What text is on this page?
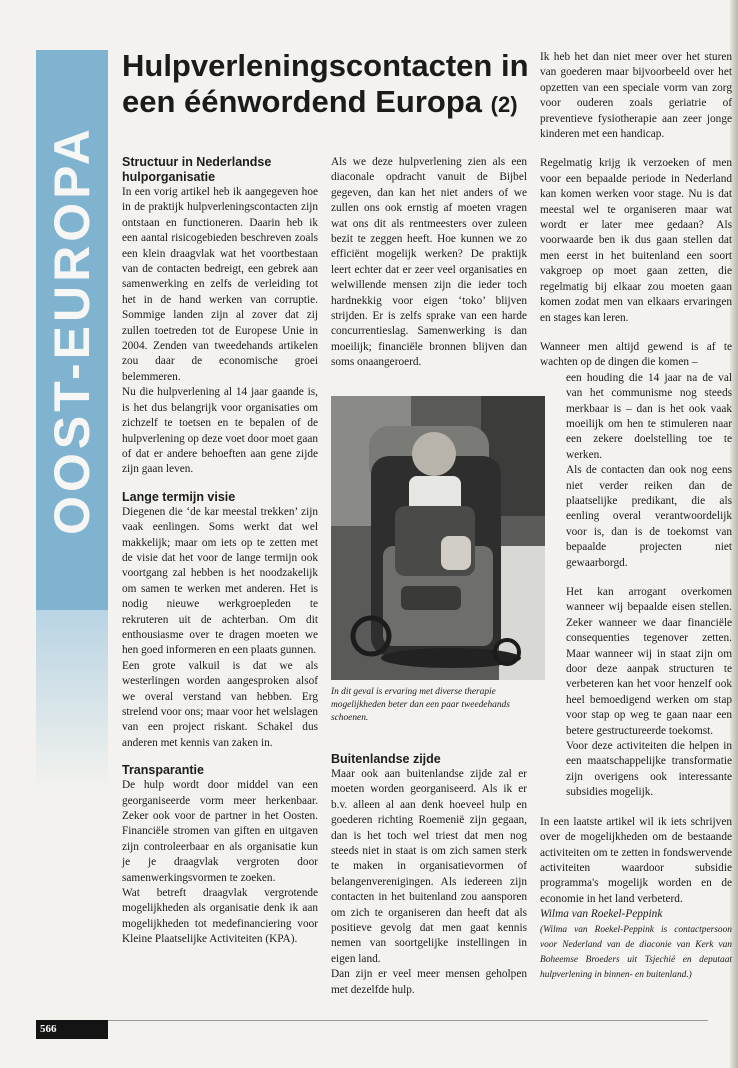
OOST-EUROPA
Hulpverleningscontacten in een éénwordend Europa (2)
Structuur in Nederlandse hulporganisatie

In een vorig artikel heb ik aangegeven hoe in de praktijk hulpverleningscontacten zijn ontstaan en functioneren. Daarin heb ik een aantal risicogebieden beschreven zoals een klein draagvlak wat het voortbestaan van de contacten bedreigt, een gebrek aan samenwerking en zelfs de verleiding tot het in de hand werken van corruptie. Sommige landen zijn al zover dat zij zullen toetreden tot de Europese Unie in 2004. Zenden van tweedehands artikelen zou daar de economische groei belemmeren.

Nu die hulpverlening al 14 jaar gaande is, is het dus belangrijk voor organisaties om zichzelf te toetsen en te bepalen of de hulpverlening op deze voet door moet gaan of dat er andere behoeften aan gene zijde zijn gaan leven.

Lange termijn visie

Diegenen die ‘de kar meestal trekken’ zijn vaak eenlingen. Soms werkt dat wel makkelijk; maar om iets op te zetten met de visie dat het voor de lange termijn ook voortgang zal hebben is het noodzakelijk om samen te werken met anderen. Het is nodig nieuwe werkgroepleden te rekruteren uit de achterban. Om dit enthousiasme over te dragen moeten we hen goed informeren en een plaats gunnen.

Een grote valkuil is dat we als westerlingen worden aangesproken alsof we overal verstand van hebben. Erg strelend voor ons; maar voor het welslagen van een project riskant. Schakel dus anderen met kennis van zaken in.

Transparantie

De hulp wordt door middel van een georganiseerde vorm meer herkenbaar. Zeker ook voor de partner in het Oosten. Financiële stromen van giften en uitgaven zijn controleerbaar en als organisatie kun je je draagvlak vergroten door samenwerkingsvormen te zoeken.

Wat betreft draagvlak vergrotende mogelijkheden als organisatie denk ik aan mogelijkheden tot medefinanciering voor Kleine Plaatselijke Activiteiten (KPA).

Als we deze hulpverlening zien als een diaconale opdracht vanuit de Bijbel gegeven, dan kan het niet anders of we zullen ons ook ernstig af moeten vragen wat ons dit als rentmeesters over zuleen bezit te zeggen heeft. Hoe kunnen we zo efficiënt mogelijk werken? De praktijk leert echter dat er zeer veel organisaties en welwillende mensen zijn die ieder toch hardnekkig voor eigen ‘toko’ blijven strijden. Er is zelfs sprake van een harde concurrentieslag. Samenwerking is dan moeilijk; financiële bronnen blijven dan soms onaangeroerd.

In dit geval is ervaring met diverse therapie mogelijkheden beter dan een paar tweedehands schoenen.
Buitenlandse zijde

Maar ook aan buitenlandse zijde zal er moeten worden georganiseerd. Als ik er b.v. alleen al aan denk hoeveel hulp en goederen richting Roemenië zijn gegaan, dan is het toch wel triest dat men nog steeds niet in staat is om zich samen sterk te maken in organisatievormen of belangenverenigingen. Als iedereen zijn contacten in het buitenland zou aansporen om zich te organiseren dan heeft dat als positieve gevolg dat men gaat kennis nemen van soortgelijke instellingen in eigen land.

Dan zijn er veel meer mensen geholpen met dezelfde hulp.

Ik heb het dan niet meer over het sturen van goederen maar bijvoorbeeld over het opzetten van een speciale vorm van zorg voor ouderen zoals geriatrie of preventieve fysiotherapie aan zeer jonge kinderen met een handicap.

Regelmatig krijg ik verzoeken of men voor een bepaalde periode in Nederland kan komen werken voor stage. Nu is dat meestal wel te organiseren maar wat wordt er later mee gedaan? Als voorwaarde ben ik dus gaan stellen dat men eerst in het buitenland een soort vakgroep op moet gaan zetten, die regelmatig bij elkaar zou moeten gaan komen zodat men van elkaars ervaringen en stages kan leren.

Wanneer men altijd gewend is af te wachten op de dingen die komen –

een houding die 14 jaar na de val van het communisme nog steeds merkbaar is – dan is het ook vaak moeilijk om hen te stimuleren naar een zekere doelstelling toe te werken.

Als de contacten dan ook nog eens niet verder reiken dan de plaatselijke predikant, die als eenling overal verantwoordelijk voor is, dan is de toekomst van bepaalde projecten niet gewaarborgd.

Het kan arrogant overkomen wanneer wij bepaalde eisen stellen. Zeker wanneer we daar financiële consequenties tegenover zetten. Maar wanneer wij in staat zijn om door deze aanpak structuren te verbeteren kan het voor henzelf ook heel bemoedigend werken om stap voor stap op weg te gaan naar een betere gestructureerde toekomst.

Voor deze activiteiten die helpen in een maatschappelijke transformatie zijn overigens ook interessante subsidies mogelijk.

In een laatste artikel wil ik iets schrijven over de mogelijkheden om de bestaande activiteiten om te zetten in fondswervende activiteiten waardoor subsidie programma's mogelijk worden en de economie in het land verbeterd.

Wilma van Roekel-Peppink

(Wilma van Roekel-Peppink is contactpersoon voor Nederland van de diaconie van Kerk van Boheemse Broeders uit Tsjechië en deputaat hulpverlening in binnen- en buitenland.)

566
